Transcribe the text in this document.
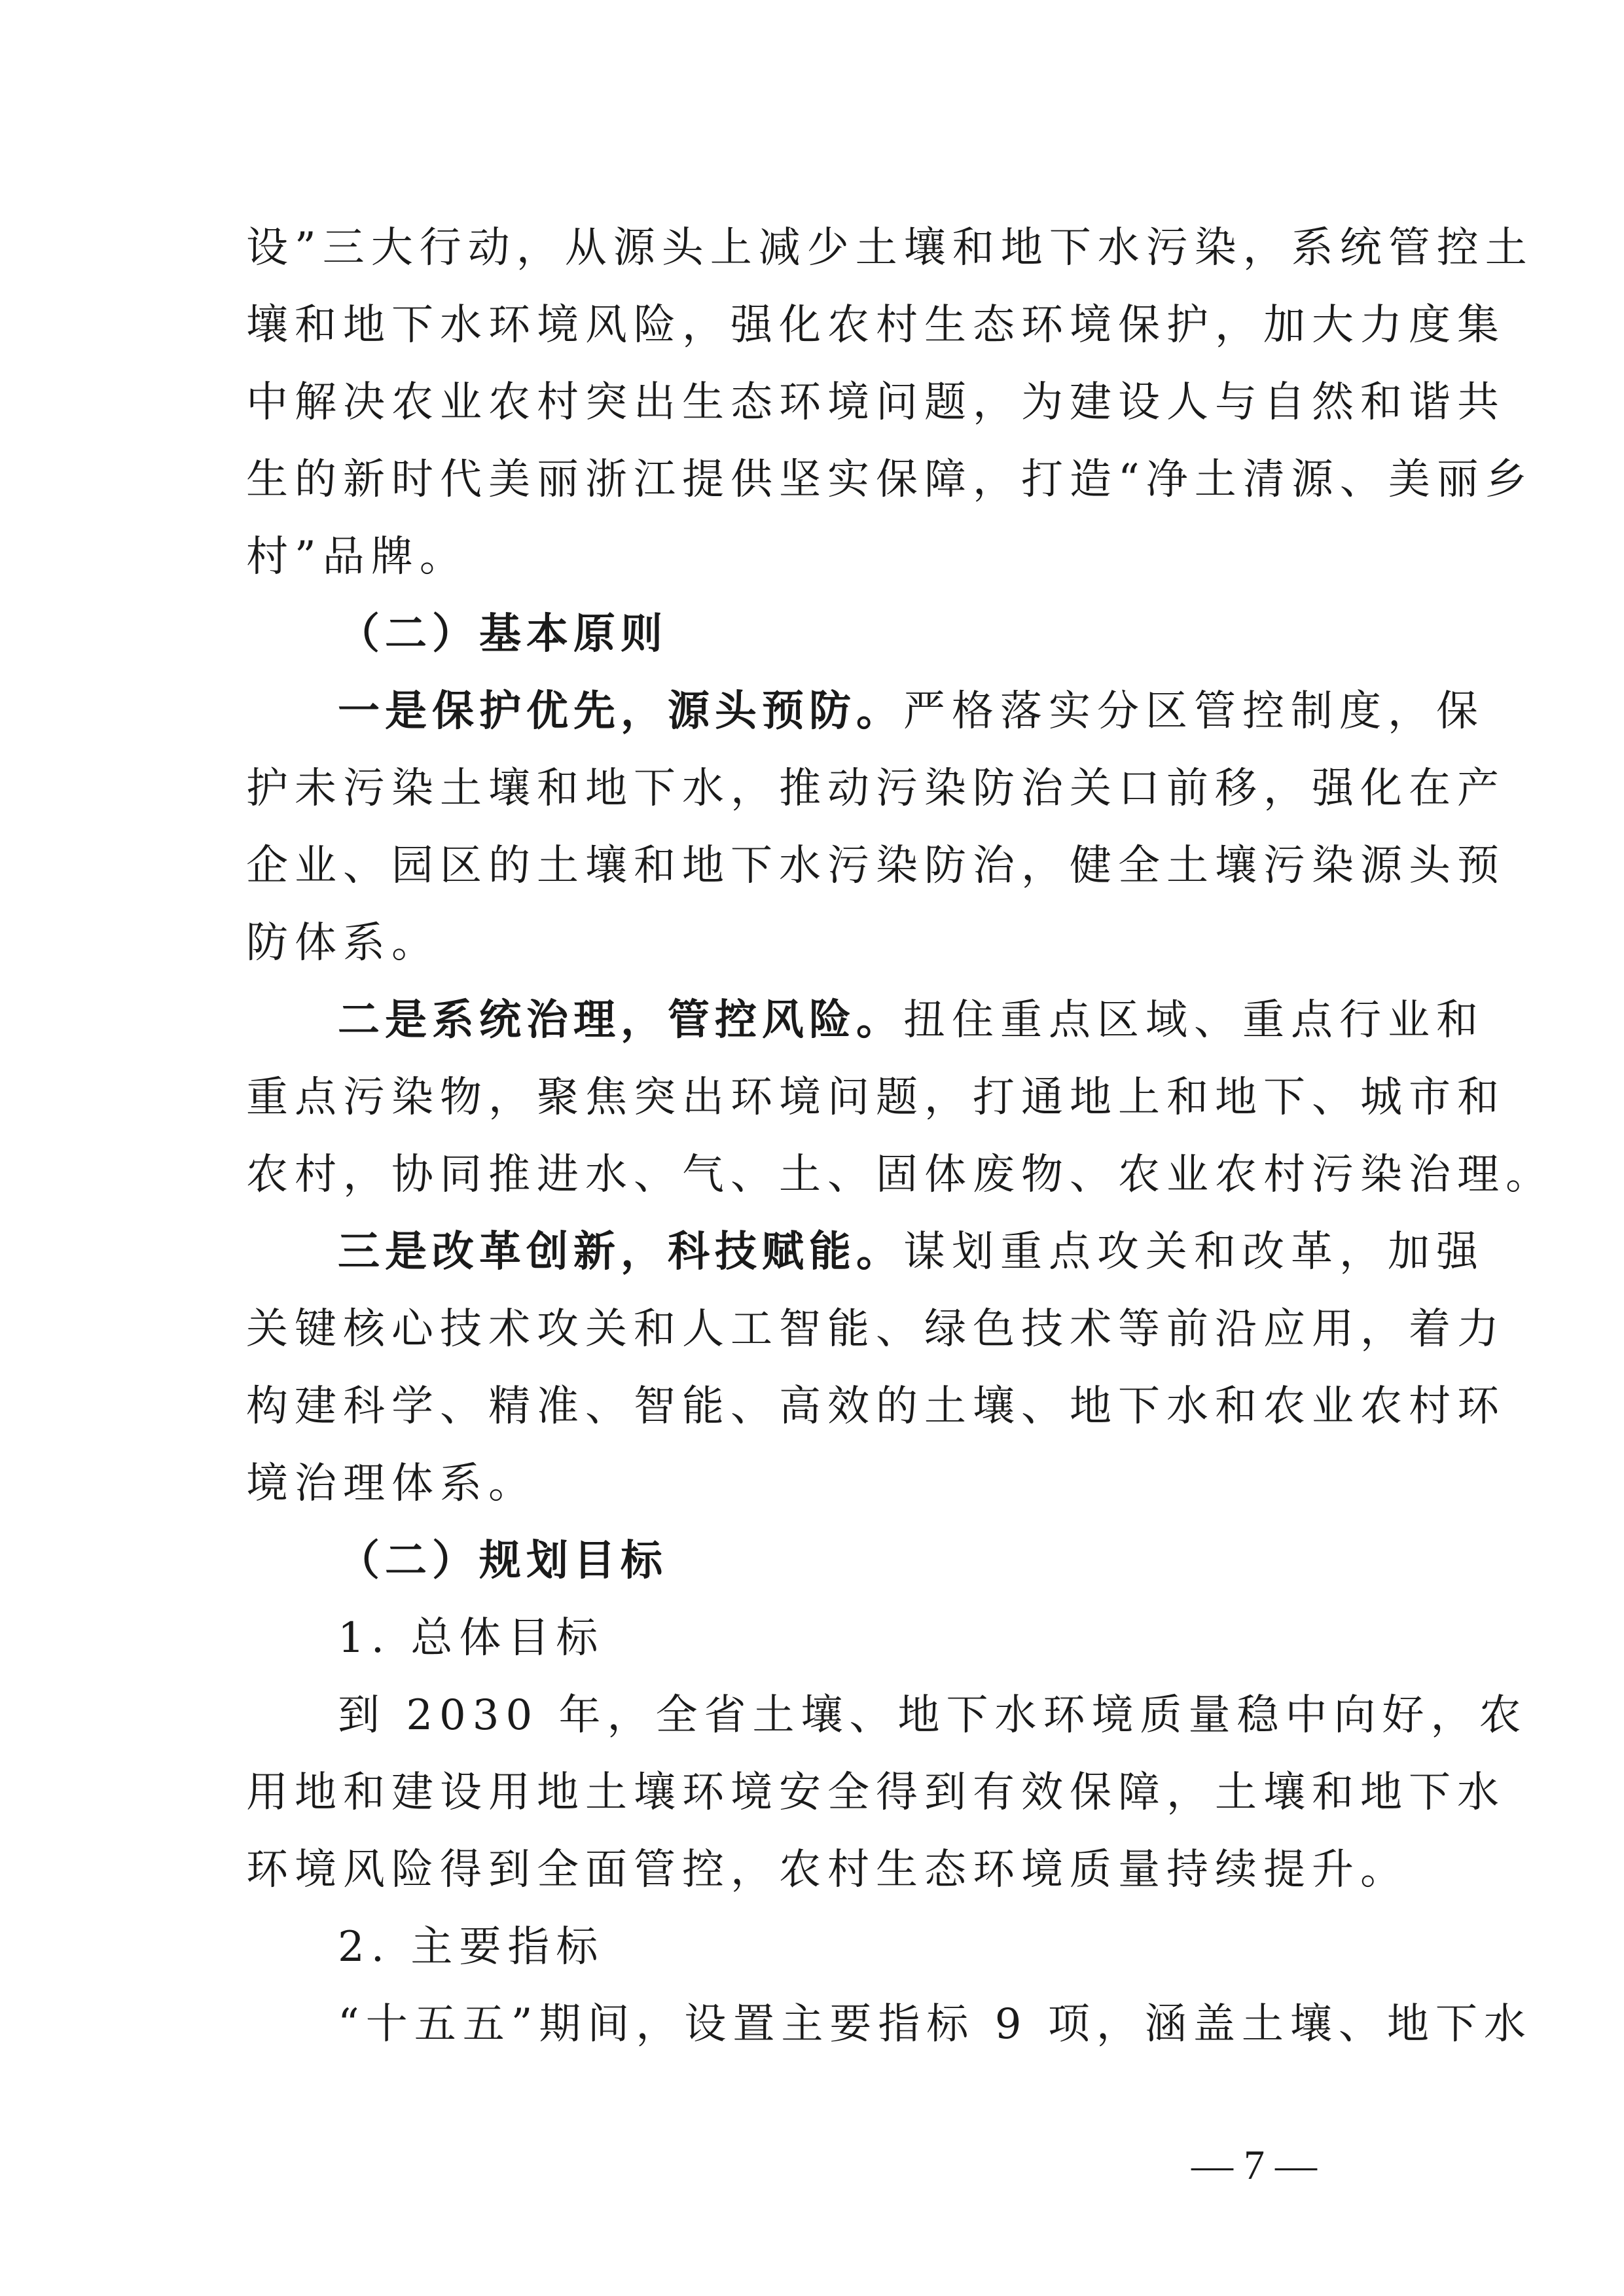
设”三大行动，从源头上减少土壤和地下水污染，系统管控土
壤和地下水环境风险，强化农村生态环境保护，加大力度集
中解决农业农村突出生态环境问题，为建设人与自然和谐共
生的新时代美丽浙江提供坚实保障，打造“净土清源、美丽乡
村”品牌。
（二）基本原则
一是保护优先，源头预防。严格落实分区管控制度，保
护未污染土壤和地下水，推动污染防治关口前移，强化在产
企业、园区的土壤和地下水污染防治，健全土壤污染源头预
防体系。
二是系统治理，管控风险。扭住重点区域、重点行业和
重点污染物，聚焦突出环境问题，打通地上和地下、城市和
农村，协同推进水、气、土、固体废物、农业农村污染治理。
三是改革创新，科技赋能。谋划重点攻关和改革，加强
关键核心技术攻关和人工智能、绿色技术等前沿应用，着力
构建科学、精准、智能、高效的土壤、地下水和农业农村环
境治理体系。
（二）规划目标
1. 总体目标
到 2030 年，全省土壤、地下水环境质量稳中向好，农
用地和建设用地土壤环境安全得到有效保障，土壤和地下水
环境风险得到全面管控，农村生态环境质量持续提升。
2. 主要指标
“十五五”期间，设置主要指标 9 项，涵盖土壤、地下水
— 7 —
